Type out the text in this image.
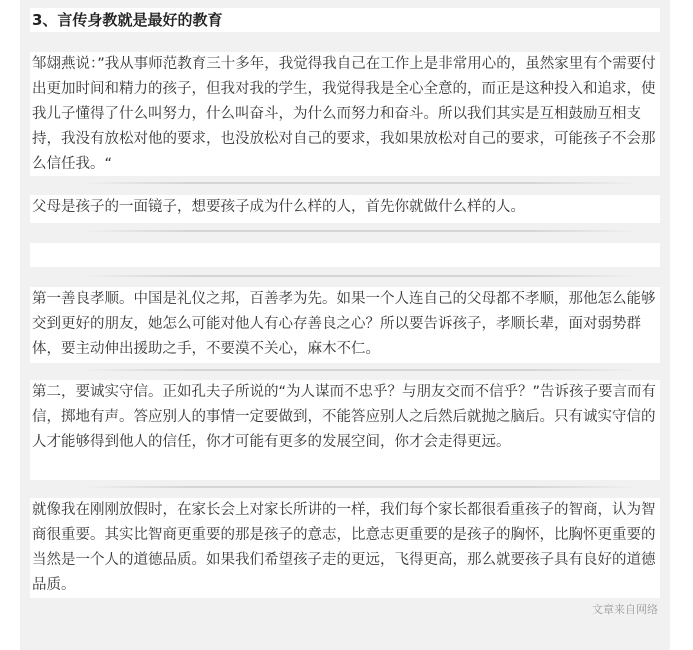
3、言传身教就是最好的教育
邹翃燕说：”我从事师范教育三十多年，我觉得我自己在工作上是非常用心的，虽然家里有个需要付出更加时间和精力的孩子，但我对我的学生，我觉得我是全心全意的，而正是这种投入和追求，使我儿子懂得了什么叫努力，什么叫奋斗，为什么而努力和奋斗。所以我们其实是互相鼓励互相支持，我没有放松对他的要求，也没放松对自己的要求，我如果放松对自己的要求，可能孩子不会那么信任我。“
父母是孩子的一面镜子，想要孩子成为什么样的人，首先你就做什么样的人。
第一善良孝顺。中国是礼仪之邦，百善孝为先。如果一个人连自己的父母都不孝顺，那他怎么能够交到更好的朋友，她怎么可能对他人有心存善良之心？所以要告诉孩子，孝顺长辈，面对弱势群体，要主动伸出援助之手，不要漠不关心，麻木不仁。
第二，要诚实守信。正如孔夫子所说的“为人谋而不忠乎？与朋友交而不信乎？”告诉孩子要言而有信，掷地有声。答应别人的事情一定要做到，不能答应别人之后然后就抛之脑后。只有诚实守信的人才能够得到他人的信任，你才可能有更多的发展空间，你才会走得更远。
就像我在刚刚放假时，在家长会上对家长所讲的一样，我们每个家长都很看重孩子的智商，认为智商很重要。其实比智商更重要的那是孩子的意志，比意志更重要的是孩子的胸怀，比胸怀更重要的当然是一个人的道德品质。如果我们希望孩子走的更远，飞得更高，那么就要孩子具有良好的道德品质。
文章来自网络
